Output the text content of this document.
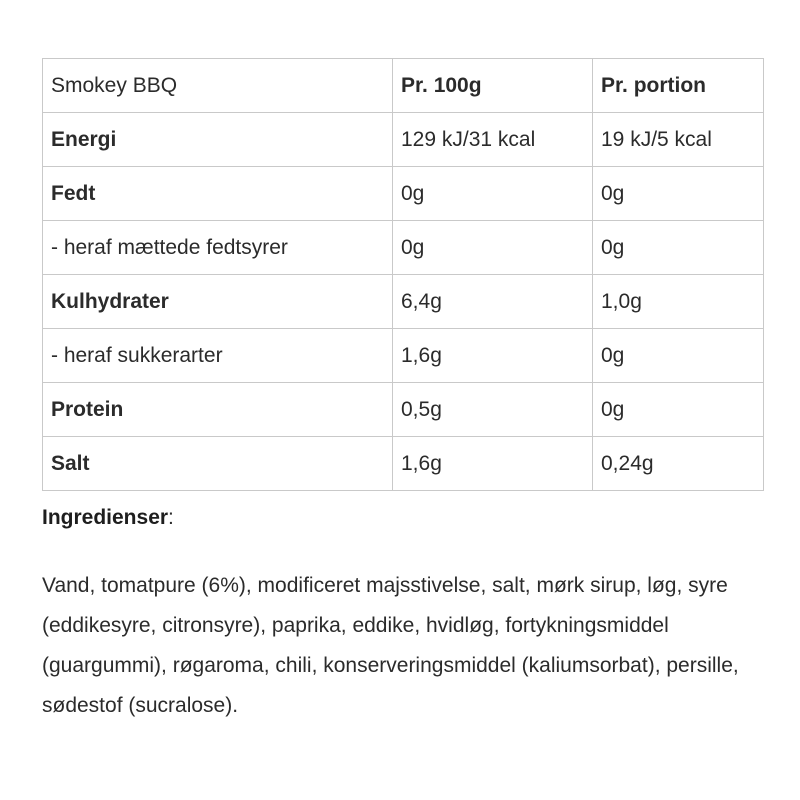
Smokey BBQ	Pr. 100g	Pr. portion
Energi	129 kJ/31 kcal	19 kJ/5 kcal
Fedt	0g	0g
- heraf mættede fedtsyrer	0g	0g
Kulhydrater	6,4g	1,0g
- heraf sukkerarter	1,6g	0g
Protein	0,5g	0g
Salt	1,6g	0,24g

Ingredienser:

Vand, tomatpure (6%), modificeret majsstivelse, salt, mørk sirup, løg, syre (eddikesyre, citronsyre), paprika, eddike, hvidløg, fortykningsmiddel (guargummi), røgaroma, chili, konserveringsmiddel (kaliumsorbat), persille, sødestof (sucralose).
